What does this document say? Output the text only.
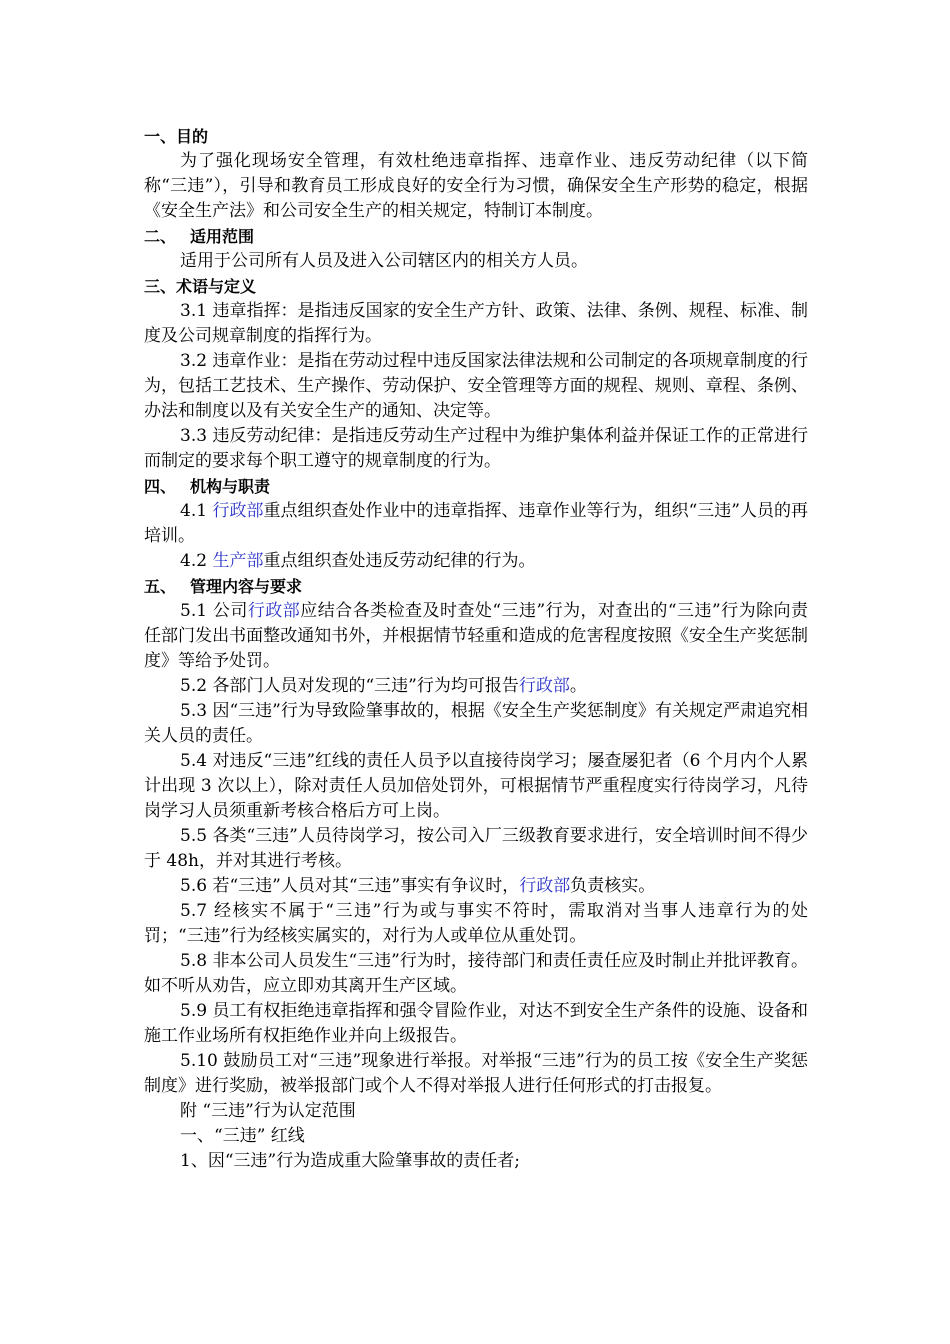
一、目的
为了强化现场安全管理，有效杜绝违章指挥、违章作业、违反劳动纪律（以下简称“三违”），引导和教育员工形成良好的安全行为习惯，确保安全生产形势的稳定，根据《安全生产法》和公司安全生产的相关规定，特制订本制度。
二、 适用范围
适用于公司所有人员及进入公司辖区内的相关方人员。
三、术语与定义
3.1 违章指挥：是指违反国家的安全生产方针、政策、法律、条例、规程、标准、制度及公司规章制度的指挥行为。
3.2 违章作业：是指在劳动过程中违反国家法律法规和公司制定的各项规章制度的行为，包括工艺技术、生产操作、劳动保护、安全管理等方面的规程、规则、章程、条例、办法和制度以及有关安全生产的通知、决定等。
3.3 违反劳动纪律：是指违反劳动生产过程中为维护集体利益并保证工作的正常进行而制定的要求每个职工遵守的规章制度的行为。
四、 机构与职责
4.1 行政部重点组织查处作业中的违章指挥、违章作业等行为，组织“三违”人员的再培训。
4.2 生产部重点组织查处违反劳动纪律的行为。
五、 管理内容与要求
5.1 公司行政部应结合各类检查及时查处“三违”行为，对查出的“三违”行为除向责任部门发出书面整改通知书外，并根据情节轻重和造成的危害程度按照《安全生产奖惩制度》等给予处罚。
5.2 各部门人员对发现的“三违”行为均可报告行政部。
5.3 因“三违”行为导致险肇事故的，根据《安全生产奖惩制度》有关规定严肃追究相关人员的责任。
5.4 对违反“三违”红线的责任人员予以直接待岗学习；屡查屡犯者（6 个月内个人累计出现 3 次以上），除对责任人员加倍处罚外，可根据情节严重程度实行待岗学习，凡待岗学习人员须重新考核合格后方可上岗。
5.5 各类“三违”人员待岗学习，按公司入厂三级教育要求进行，安全培训时间不得少于 48h，并对其进行考核。
5.6 若“三违”人员对其“三违”事实有争议时，行政部负责核实。
5.7 经核实不属于“三违”行为或与事实不符时，需取消对当事人违章行为的处罚；“三违”行为经核实属实的，对行为人或单位从重处罚。
5.8 非本公司人员发生“三违”行为时，接待部门和责任责任应及时制止并批评教育。如不听从劝告，应立即劝其离开生产区域。
5.9 员工有权拒绝违章指挥和强令冒险作业，对达不到安全生产条件的设施、设备和施工作业场所有权拒绝作业并向上级报告。
5.10 鼓励员工对“三违”现象进行举报。对举报“三违”行为的员工按《安全生产奖惩制度》进行奖励，被举报部门或个人不得对举报人进行任何形式的打击报复。
附 “三违”行为认定范围
一、“三违” 红线
1、因“三违”行为造成重大险肇事故的责任者;
